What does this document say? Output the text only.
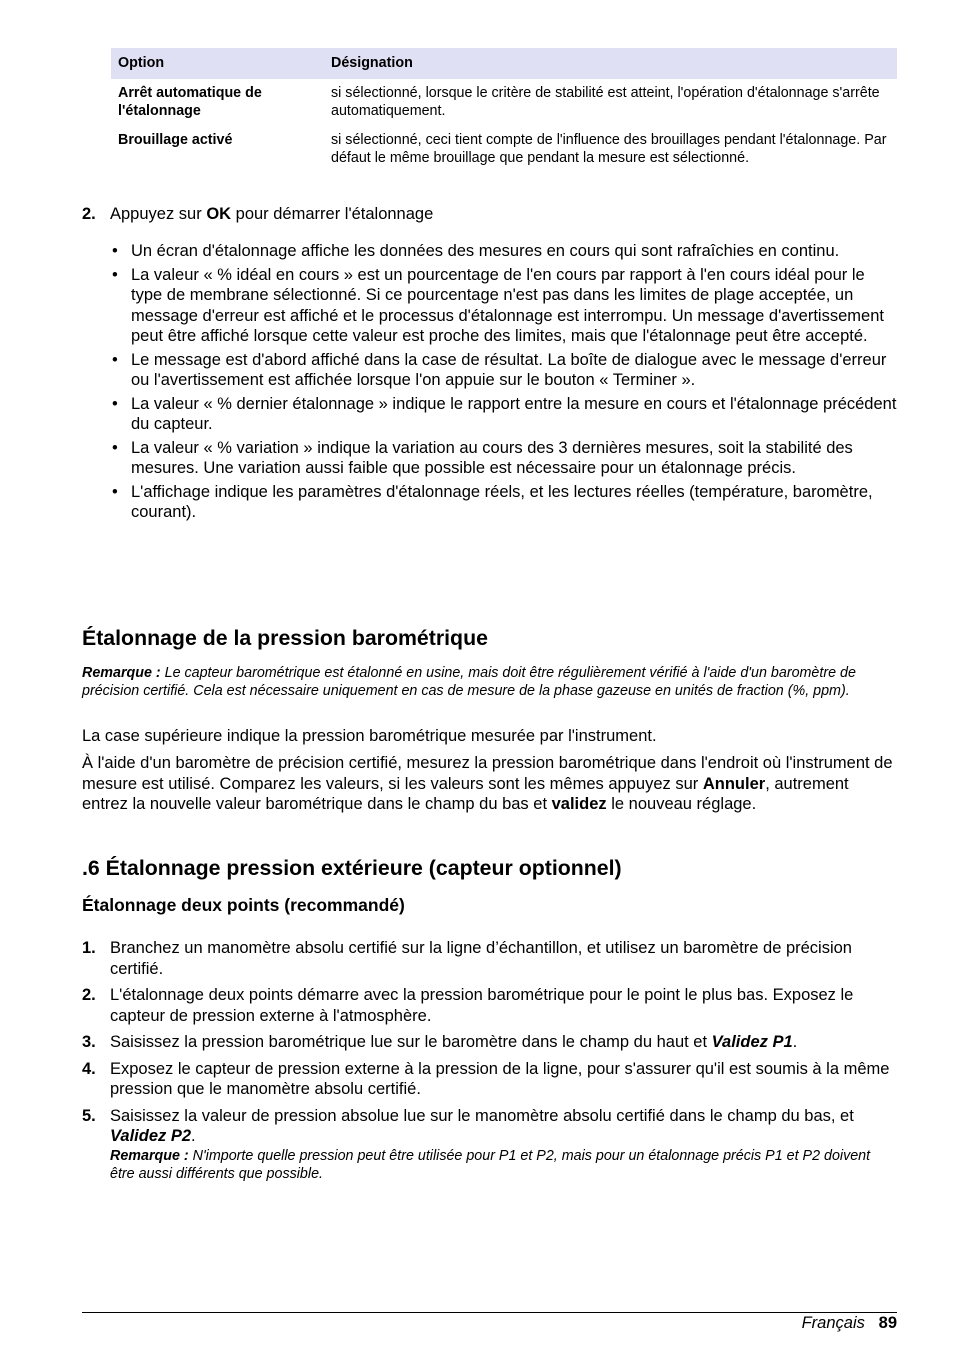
Option	Désignation
Arrêt automatique de l'étalonnage	si sélectionné, lorsque le critère de stabilité est atteint, l'opération d'étalonnage s'arrête automatiquement.
Brouillage activé	si sélectionné, ceci tient compte de l'influence des brouillages pendant l'étalonnage. Par défaut le même brouillage que pendant la mesure est sélectionné.
2. Appuyez sur OK pour démarrer l'étalonnage
• Un écran d'étalonnage affiche les données des mesures en cours qui sont rafraîchies en continu.
• La valeur « % idéal en cours » est un pourcentage de l'en cours par rapport à l'en cours idéal pour le type de membrane sélectionné. Si ce pourcentage n'est pas dans les limites de plage acceptée, un message d'erreur est affiché et le processus d'étalonnage est interrompu. Un message d'avertissement peut être affiché lorsque cette valeur est proche des limites, mais que l'étalonnage peut être accepté.
• Le message est d'abord affiché dans la case de résultat. La boîte de dialogue avec le message d'erreur ou l'avertissement est affichée lorsque l'on appuie sur le bouton « Terminer ».
• La valeur « % dernier étalonnage » indique le rapport entre la mesure en cours et l'étalonnage précédent du capteur.
• La valeur « % variation » indique la variation au cours des 3 dernières mesures, soit la stabilité des mesures. Une variation aussi faible que possible est nécessaire pour un étalonnage précis.
• L'affichage indique les paramètres d'étalonnage réels, et les lectures réelles (température, baromètre, courant).
Étalonnage de la pression barométrique
Remarque : Le capteur barométrique est étalonné en usine, mais doit être régulièrement vérifié à l'aide d'un baromètre de précision certifié. Cela est nécessaire uniquement en cas de mesure de la phase gazeuse en unités de fraction (%, ppm).
La case supérieure indique la pression barométrique mesurée par l'instrument.
À l'aide d'un baromètre de précision certifié, mesurez la pression barométrique dans l'endroit où l'instrument de mesure est utilisé. Comparez les valeurs, si les valeurs sont les mêmes appuyez sur Annuler, autrement entrez la nouvelle valeur barométrique dans le champ du bas et validez le nouveau réglage.
.6 Étalonnage pression extérieure (capteur optionnel)
Étalonnage deux points (recommandé)
1. Branchez un manomètre absolu certifié sur la ligne d’échantillon, et utilisez un baromètre de précision certifié.
2. L'étalonnage deux points démarre avec la pression barométrique pour le point le plus bas. Exposez le capteur de pression externe à l'atmosphère.
3. Saisissez la pression barométrique lue sur le baromètre dans le champ du haut et Validez P1.
4. Exposez le capteur de pression externe à la pression de la ligne, pour s'assurer qu'il est soumis à la même pression que le manomètre absolu certifié.
5. Saisissez la valeur de pression absolue lue sur le manomètre absolu certifié dans le champ du bas, et Validez P2.
Remarque : N'importe quelle pression peut être utilisée pour P1 et P2, mais pour un étalonnage précis P1 et P2 doivent être aussi différents que possible.
Français 89
